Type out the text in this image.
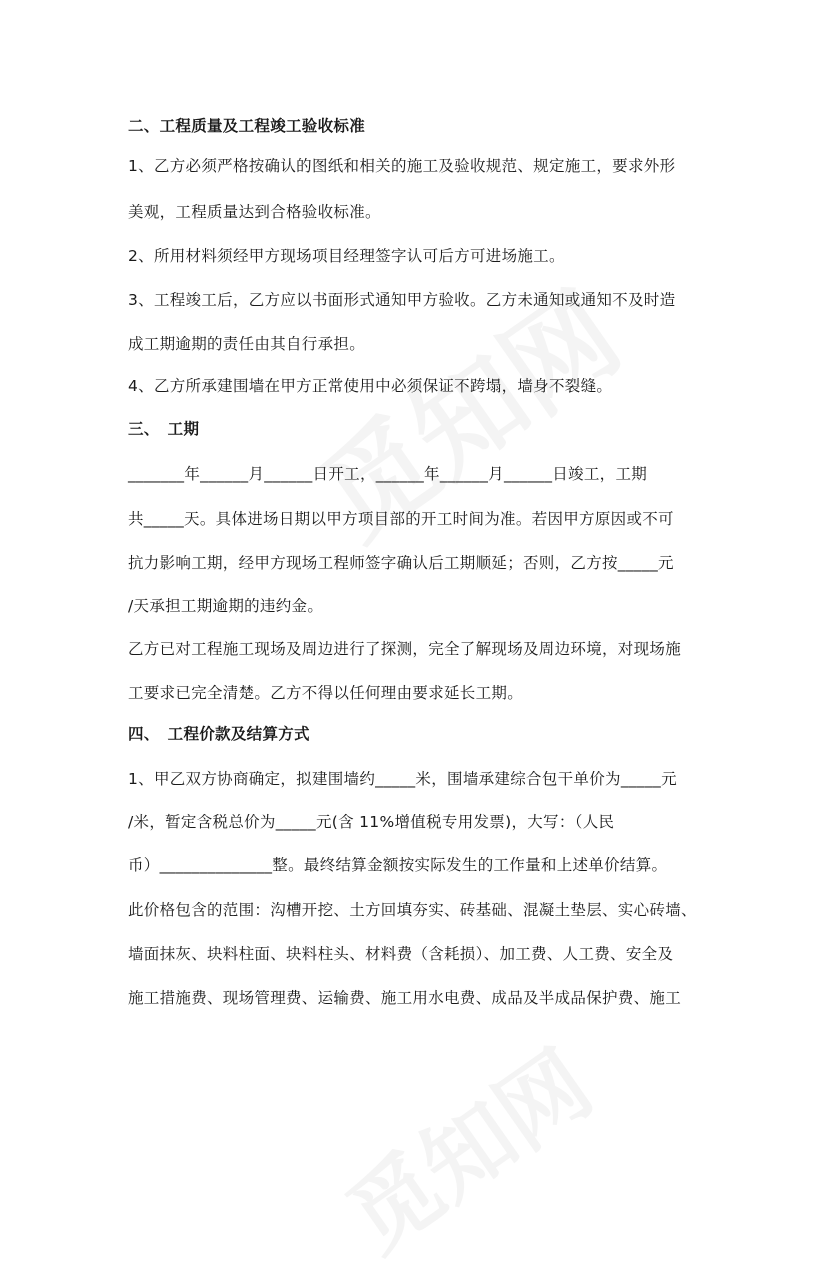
二、工程质量及工程竣工验收标准
1、乙方必须严格按确认的图纸和相关的施工及验收规范、规定施工，要求外形
美观，工程质量达到合格验收标准。
2、所用材料须经甲方现场项目经理签字认可后方可进场施工。
3、工程竣工后，乙方应以书面形式通知甲方验收。乙方未通知或通知不及时造
成工期逾期的责任由其自行承担。
4、乙方所承建围墙在甲方正常使用中必须保证不跨塌，墙身不裂缝。
三、　工期
_______年______月______日开工，______年______月______日竣工，工期
共_____天。具体进场日期以甲方项目部的开工时间为准。若因甲方原因或不可
抗力影响工期，经甲方现场工程师签字确认后工期顺延；否则，乙方按_____元
/天承担工期逾期的违约金。
乙方已对工程施工现场及周边进行了探测，完全了解现场及周边环境，对现场施
工要求已完全清楚。乙方不得以任何理由要求延长工期。
四、　工程价款及结算方式
1、甲乙双方协商确定，拟建围墙约_____米，围墙承建综合包干单价为_____元
/米，暂定含税总价为_____元(含 11%增值税专用发票)，大写：（人民
币）______________整。最终结算金额按实际发生的工作量和上述单价结算。
此价格包含的范围：沟槽开挖、土方回填夯实、砖基础、混凝土垫层、实心砖墙、
墙面抹灰、块料柱面、块料柱头、材料费（含耗损）、加工费、人工费、安全及
施工措施费、现场管理费、运输费、施工用水电费、成品及半成品保护费、施工
